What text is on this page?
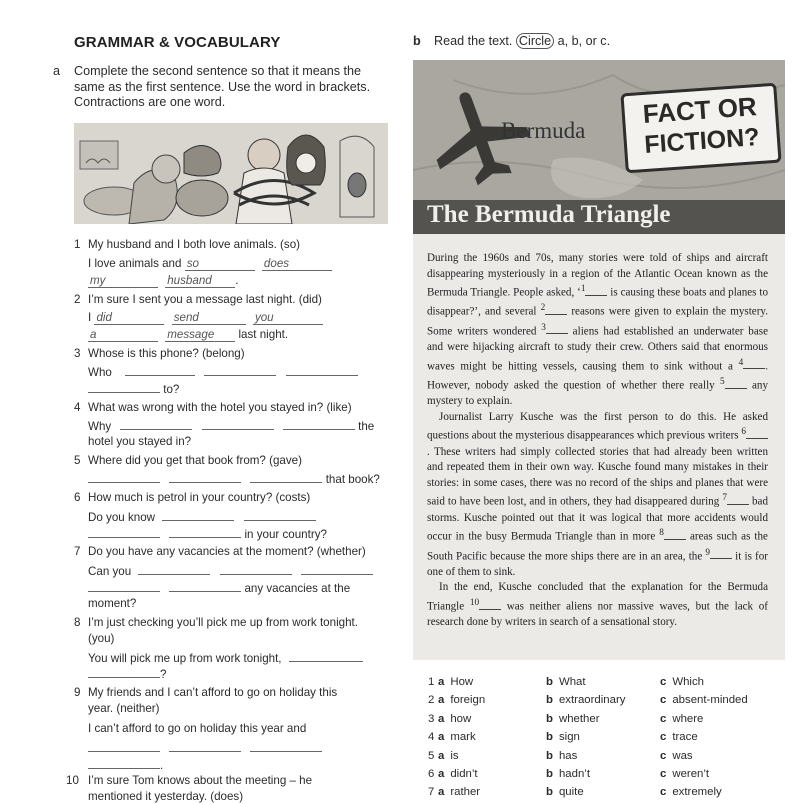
GRAMMAR & VOCABULARY
a Complete the second sentence so that it means the same as the first sentence. Use the word in brackets. Contractions are one word.
1 My husband and I both love animals. (so)
I love animals and so	does
my	husband .
2 I’m sure I sent you a message last night. (did)
I did	send	you
a	message last night.
3 Whose is this phone? (belong)
Who
to?
4 What was wrong with the hotel you stayed in? (like)
Why	the
hotel you stayed in?
5 Where did you get that book from? (gave)
that book?
6 How much is petrol in your country? (costs)
Do you know
in your country?
7 Do you have any vacancies at the moment? (whether)
Can you
any vacancies at the
moment?
8 I’m just checking you’ll pick me up from work tonight.
(you)
You will pick me up from work tonight,
?
9 My friends and I can’t afford to go on holiday this
year. (neither)
I can’t afford to go on holiday this year and

.
10 I’m sure Tom knows about the meeting – he
mentioned it yesterday. (does)
b Read the text. Circle a, b, or c.
Bermuda
FACT OR
FICTION?
The Bermuda Triangle

During the 1960s and 70s, many stories were told of ships and aircraft disappearing mysteriously in a region of the Atlantic Ocean known as the Bermuda Triangle. People asked, ‘$^1$ is causing these boats and planes to disappear?’, and several $^2$ reasons were given to explain the mystery. Some writers wondered $^3$ aliens had established an underwater base and were hijacking aircraft to study their crew. Others said that enormous waves might be hitting vessels, causing them to sink without a $^4$ . However, nobody asked the question of whether there really $^5$ any mystery to explain.

Journalist Larry Kusche was the first person to do this. He asked questions about the mysterious disappearances which previous writers $^6$. These writers had simply collected stories that had already been written and repeated them in their own way. Kusche found many mistakes in their stories: in some cases, there was no record of the ships and planes that were said to have been lost, and in others, they had disappeared during $^7$ bad storms. Kusche pointed out that it was logical that more accidents would occur in the busy Bermuda Triangle than in more $^8$ areas such as the South Pacific because the more ships there are in an area, the $^9$ it is for one of them to sink.

In the end, Kusche concluded that the explanation for the Bermuda Triangle $^{10}$ was neither aliens nor massive waves, but the lack of research done by writers in search of a sensational story.

1 a How	b What	c Which
2 a foreign	b extraordinary	c absent-minded
3 a how	b whether	c where
4 a mark	b sign	c trace
5 a is	b has	c was
6 a didn’t	b hadn’t	c weren’t
7 a rather	b quite	c extremely
